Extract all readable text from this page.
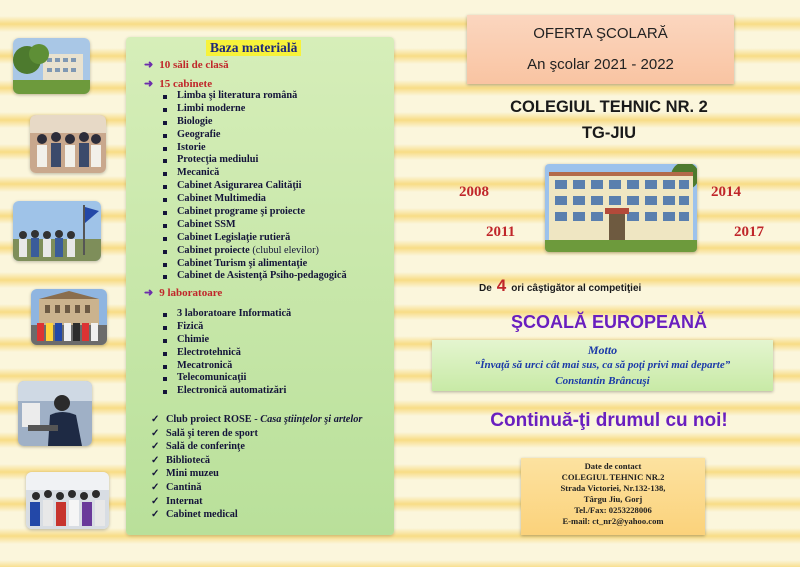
Baza materială
➜ 10 săli de clasă
➜ 15 cabinete
Limba şi literatura română
Limbi moderne
Biologie
Geografie
Istorie
Protecţia mediului
Mecanică
Cabinet Asigurarea Calităţii
Cabinet Multimedia
Cabinet programe şi proiecte
Cabinet SSM
Cabinet Legislaţie rutieră
Cabinet proiecte (clubul elevilor)
Cabinet Turism şi alimentaţie
Cabinet de Asistenţă Psiho-pedagogică
➜ 9 laboratoare
3 laboratoare Informatică
Fizică
Chimie
Electrotehnică
Mecatronică
Telecomunicaţii
Electronică automatizări
✓ Club proiect ROSE - Casa ştiinţelor şi artelor
✓ Sală şi teren de sport
✓ Sală de conferinţe
✓ Bibliotecă
✓ Mini muzeu
✓ Cantină
✓ Internat
✓ Cabinet medical
OFERTA ŞCOLARĂ
An şcolar 2021 - 2022
COLEGIUL TEHNIC NR. 2
TG-JIU
2008	2014
2011	2017
De 4 ori câştigător al competiţiei
ŞCOALĂ EUROPEANĂ
Motto
“Învaţă să urci cât mai sus, ca să poţi privi mai departe”
Constantin Brâncuşi
Continuă-ţi drumul cu noi!
Date de contact
COLEGIUL TEHNIC NR.2
Strada Victoriei, Nr.132-138,
Târgu Jiu, Gorj
Tel./Fax: 0253228006
E-mail: ct_nr2@yahoo.com
